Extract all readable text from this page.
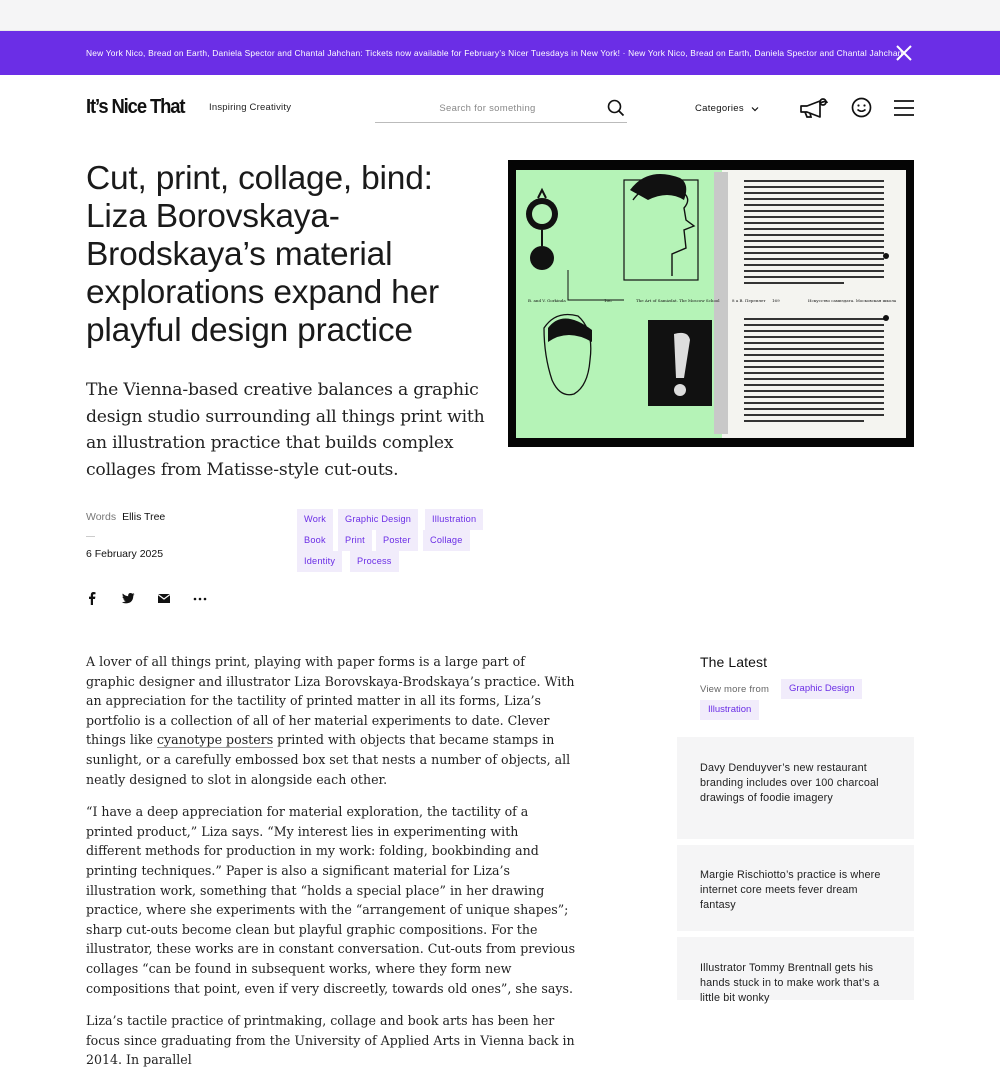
New York Nico, Bread on Earth, Daniela Spector and Chantal Jahchan: Tickets now available for February’s Nicer Tuesdays in New York! · New York Nico, Bread on Earth, Daniela Spector and Chantal Jahchan
It’s Nice That	Inspiring Creativity
Search for something	Categories
Cut, print, collage, bind: Liza Borovskaya-Brodskaya’s material explorations expand her playful design practice

The Vienna-based creative balances a graphic design studio surrounding all things print with an illustration practice that builds complex collages from Matisse-style cut-outs.

B. and V. Gorkinda	168	The Art of Samizdat. The Moscow School	8 a B. Переплет 169	Искусство самиздата. Московская школа
Words Ellis Tree
6 February 2025
Work	Graphic Design	Illustration
Book	Print	Poster	Collage
Identity	Process

A lover of all things print, playing with paper forms is a large part of graphic designer and illustrator Liza Borovskaya-Brodskaya’s practice. With an appreciation for the tactility of printed matter in all its forms, Liza’s portfolio is a collection of all of her material experiments to date. Clever things like cyanotype posters printed with objects that became stamps in sunlight, or a carefully embossed box set that nests a number of objects, all neatly designed to slot in alongside each other.

“I have a deep appreciation for material exploration, the tactility of a printed product,” Liza says. “My interest lies in experimenting with different methods for production in my work: folding, bookbinding and printing techniques.” Paper is also a significant material for Liza’s illustration work, something that “holds a special place” in her drawing practice, where she experiments with the “arrangement of unique shapes”; sharp cut-outs become clean but playful graphic compositions. For the illustrator, these works are in constant conversation. Cut-outs from previous collages “can be found in subsequent works, where they form new compositions that point, even if very discreetly, towards old ones”, she says.

Liza’s tactile practice of printmaking, collage and book arts has been her focus since graduating from the University of Applied Arts in Vienna back in 2014. In parallel

The Latest
View more from	Graphic Design
Illustration
Davy Denduyver’s new restaurant branding includes over 100 charcoal drawings of foodie imagery
Margie Rischiotto’s practice is where internet core meets fever dream fantasy
Illustrator Tommy Brentnall gets his hands stuck in to make work that’s a little bit wonky
